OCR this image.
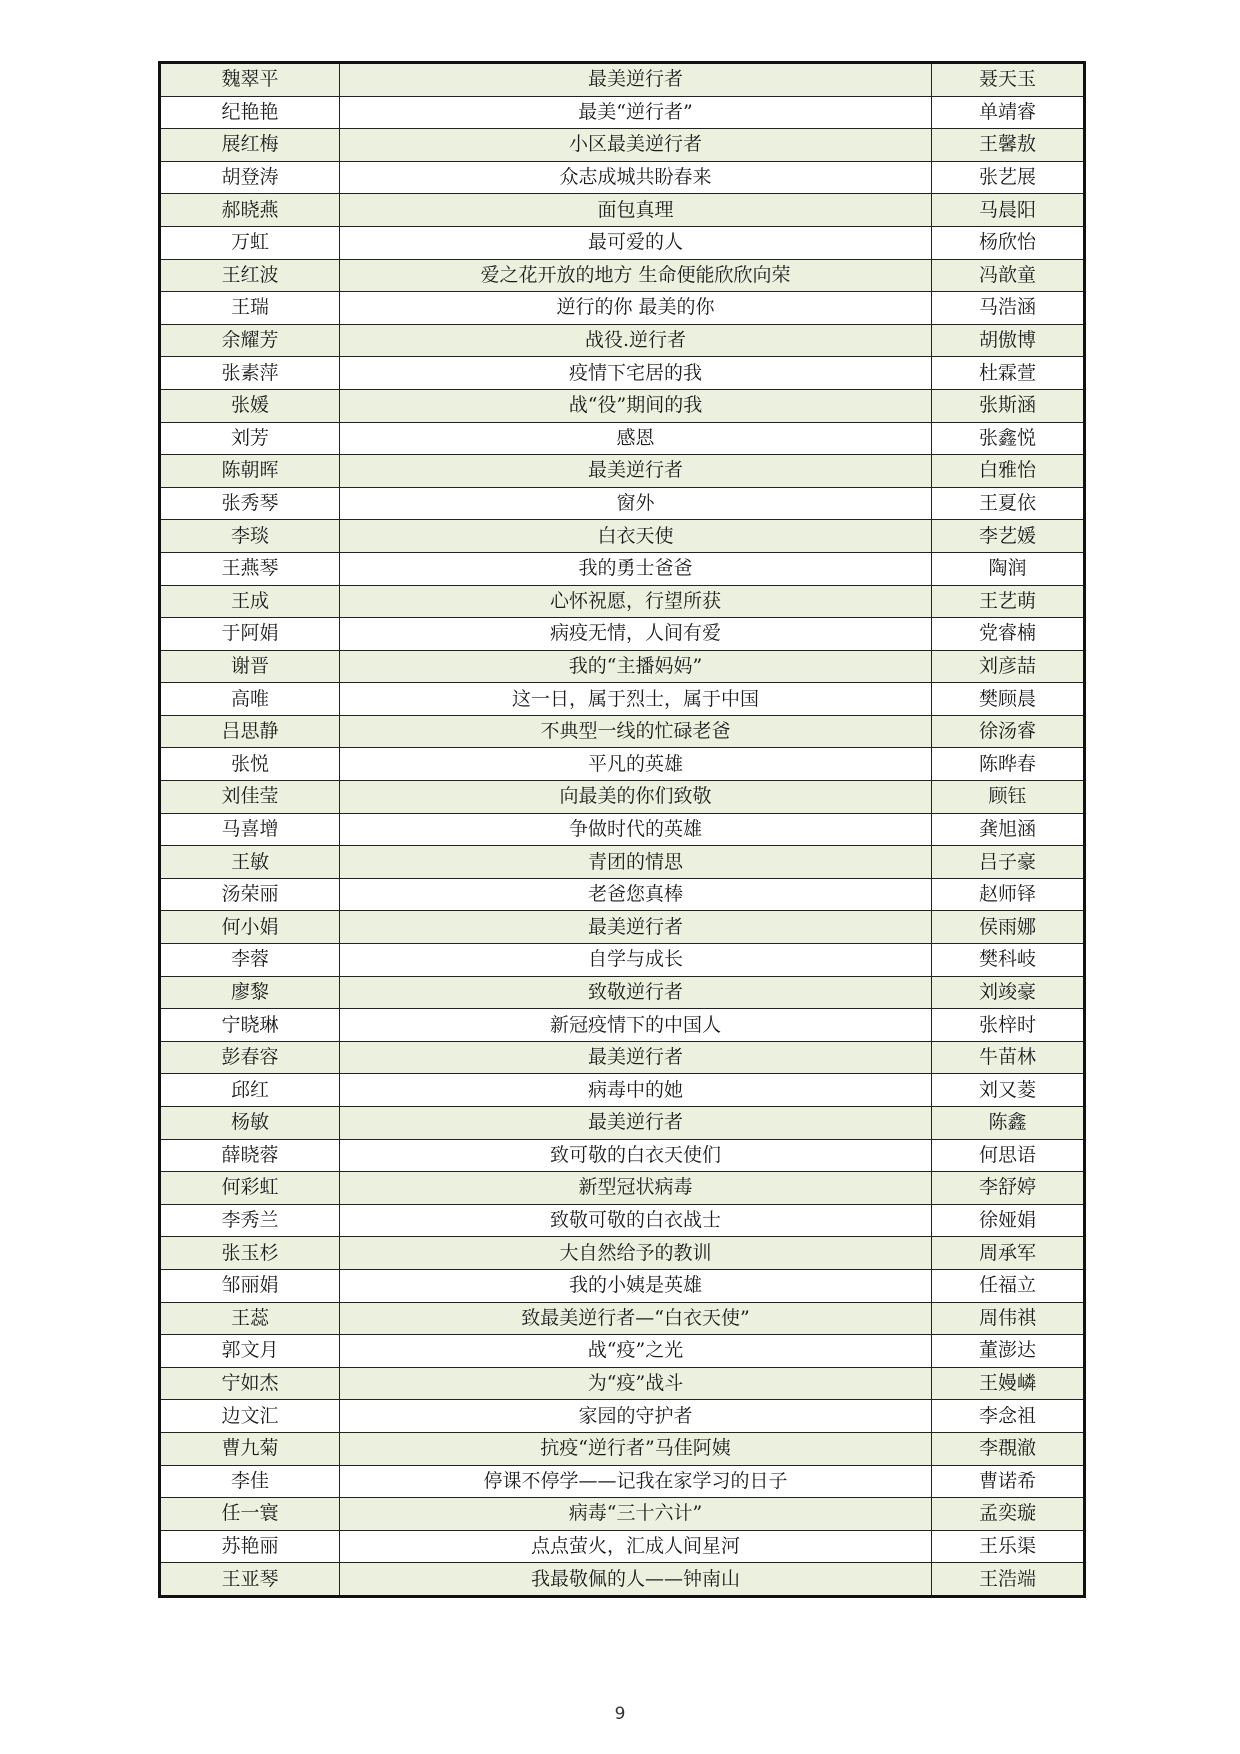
魏翠平	最美逆行者	聂天玉
纪艳艳	最美“逆行者”	单靖睿
展红梅	小区最美逆行者	王馨敖
胡登涛	众志成城共盼春来	张艺展
郝晓燕	面包真理	马晨阳
万虹	最可爱的人	杨欣怡
王红波	爱之花开放的地方 生命便能欣欣向荣	冯歆童
王瑞	逆行的你 最美的你	马浩涵
余耀芳	战役.逆行者	胡傲博
张素萍	疫情下宅居的我	杜霖萱
张媛	战“役”期间的我	张斯涵
刘芳	感恩	张鑫悦
陈朝晖	最美逆行者	白雅怡
张秀琴	窗外	王夏依
李琰	白衣天使	李艺媛
王燕琴	我的勇士爸爸	陶润
王成	心怀祝愿，行望所获	王艺萌
于阿娟	病疫无情，人间有爱	党睿楠
谢晋	我的“主播妈妈”	刘彦喆
高唯	这一日，属于烈士，属于中国	樊顾晨
吕思静	不典型一线的忙碌老爸	徐汤睿
张悦	平凡的英雄	陈晔春
刘佳莹	向最美的你们致敬	顾钰
马喜增	争做时代的英雄	龚旭涵
王敏	青团的情思	吕子豪
汤荣丽	老爸您真棒	赵师铎
何小娟	最美逆行者	侯雨娜
李蓉	自学与成长	樊科岐
廖黎	致敬逆行者	刘竣豪
宁晓琳	新冠疫情下的中国人	张梓时
彭春容	最美逆行者	牛苗林
邱红	病毒中的她	刘又菱
杨敏	最美逆行者	陈鑫
薛晓蓉	致可敬的白衣天使们	何思语
何彩虹	新型冠状病毒	李舒婷
李秀兰	致敬可敬的白衣战士	徐娅娟
张玉杉	大自然给予的教训	周承军
邹丽娟	我的小姨是英雄	任福立
王蕊	致最美逆行者—“白衣天使”	周伟祺
郭文月	战“疫”之光	董澎达
宁如杰	为“疫”战斗	王嫚嶙
边文汇	家园的守护者	李念祖
曹九菊	抗疫“逆行者”马佳阿姨	李覠澈
李佳	停课不停学——记我在家学习的日子	曹诺希
任一寰	病毒“三十六计”	孟奕璇
苏艳丽	点点萤火，汇成人间星河	王乐渠
王亚琴	我最敬佩的人——钟南山	王浩端
9
